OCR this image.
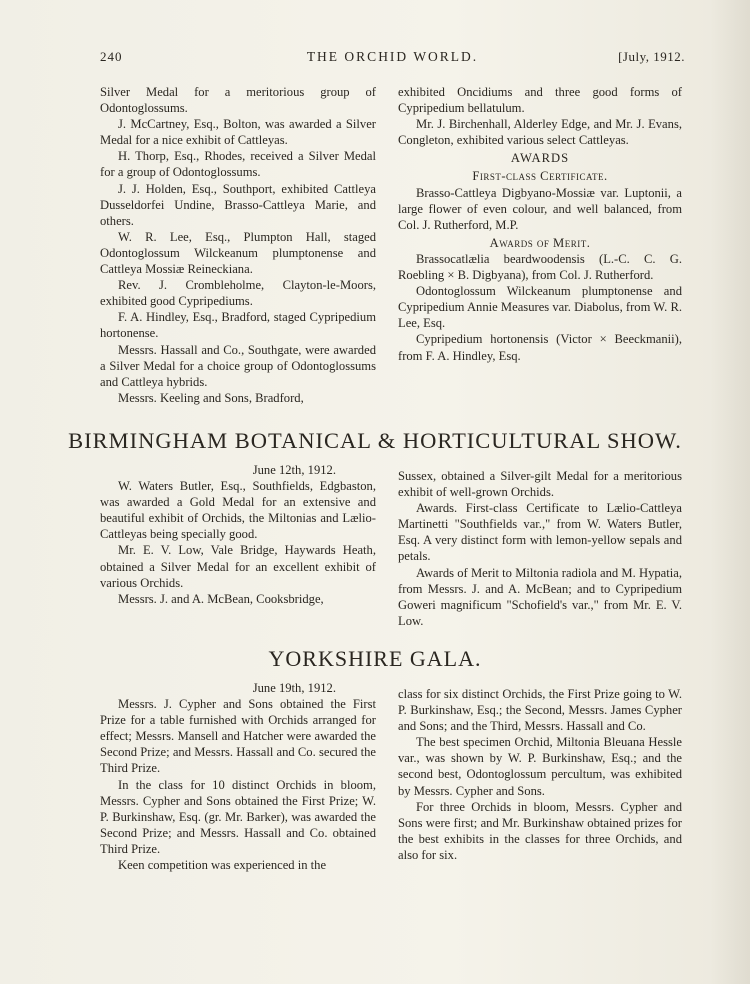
240	THE ORCHID WORLD.	[July, 1912.

Silver Medal for a meritorious group of Odontoglossums.

J. McCartney, Esq., Bolton, was awarded a Silver Medal for a nice exhibit of Cattleyas.

H. Thorp, Esq., Rhodes, received a Silver Medal for a group of Odontoglossums.

J. J. Holden, Esq., Southport, exhibited Cattleya Dusseldorfei Undine, Brasso-Cattleya Marie, and others.

W. R. Lee, Esq., Plumpton Hall, staged Odontoglossum Wilckeanum plumptonense and Cattleya Mossiæ Reineckiana.

Rev. J. Crombleholme, Clayton-le-Moors, exhibited good Cypripediums.

F. A. Hindley, Esq., Bradford, staged Cypripedium hortonense.

Messrs. Hassall and Co., Southgate, were awarded a Silver Medal for a choice group of Odontoglossums and Cattleya hybrids.

Messrs. Keeling and Sons, Bradford,

exhibited Oncidiums and three good forms of Cypripedium bellatulum.

Mr. J. Birchenhall, Alderley Edge, and Mr. J. Evans, Congleton, exhibited various select Cattleyas.

AWARDS

First-class Certificate.

Brasso-Cattleya Digbyano-Mossiæ var. Luptonii, a large flower of even colour, and well balanced, from Col. J. Rutherford, M.P.

Awards of Merit.

Brassocatlælia beardwoodensis (L.-C. C. G. Roebling × B. Digbyana), from Col. J. Rutherford.

Odontoglossum Wilckeanum plumptonense and Cypripedium Annie Measures var. Diabolus, from W. R. Lee, Esq.

Cypripedium hortonensis (Victor × Beeckmanii), from F. A. Hindley, Esq.

BIRMINGHAM BOTANICAL & HORTICULTURAL SHOW.

June 12th, 1912.

W. Waters Butler, Esq., Southfields, Edgbaston, was awarded a Gold Medal for an extensive and beautiful exhibit of Orchids, the Miltonias and Lælio-Cattleyas being specially good.

Mr. E. V. Low, Vale Bridge, Haywards Heath, obtained a Silver Medal for an excellent exhibit of various Orchids.

Messrs. J. and A. McBean, Cooksbridge,

Sussex, obtained a Silver-gilt Medal for a meritorious exhibit of well-grown Orchids.

Awards. First-class Certificate to Lælio-Cattleya Martinetti "Southfields var.," from W. Waters Butler, Esq. A very distinct form with lemon-yellow sepals and petals.

Awards of Merit to Miltonia radiola and M. Hypatia, from Messrs. J. and A. McBean; and to Cypripedium Goweri magnificum "Schofield's var.," from Mr. E. V. Low.

YORKSHIRE GALA.

June 19th, 1912.

Messrs. J. Cypher and Sons obtained the First Prize for a table furnished with Orchids arranged for effect; Messrs. Mansell and Hatcher were awarded the Second Prize; and Messrs. Hassall and Co. secured the Third Prize.

In the class for 10 distinct Orchids in bloom, Messrs. Cypher and Sons obtained the First Prize; W. P. Burkinshaw, Esq. (gr. Mr. Barker), was awarded the Second Prize; and Messrs. Hassall and Co. obtained Third Prize.

Keen competition was experienced in the

class for six distinct Orchids, the First Prize going to W. P. Burkinshaw, Esq.; the Second, Messrs. James Cypher and Sons; and the Third, Messrs. Hassall and Co.

The best specimen Orchid, Miltonia Bleuana Hessle var., was shown by W. P. Burkinshaw, Esq.; and the second best, Odontoglossum percultum, was exhibited by Messrs. Cypher and Sons.

For three Orchids in bloom, Messrs. Cypher and Sons were first; and Mr. Burkinshaw obtained prizes for the best exhibits in the classes for three Orchids, and also for six.
